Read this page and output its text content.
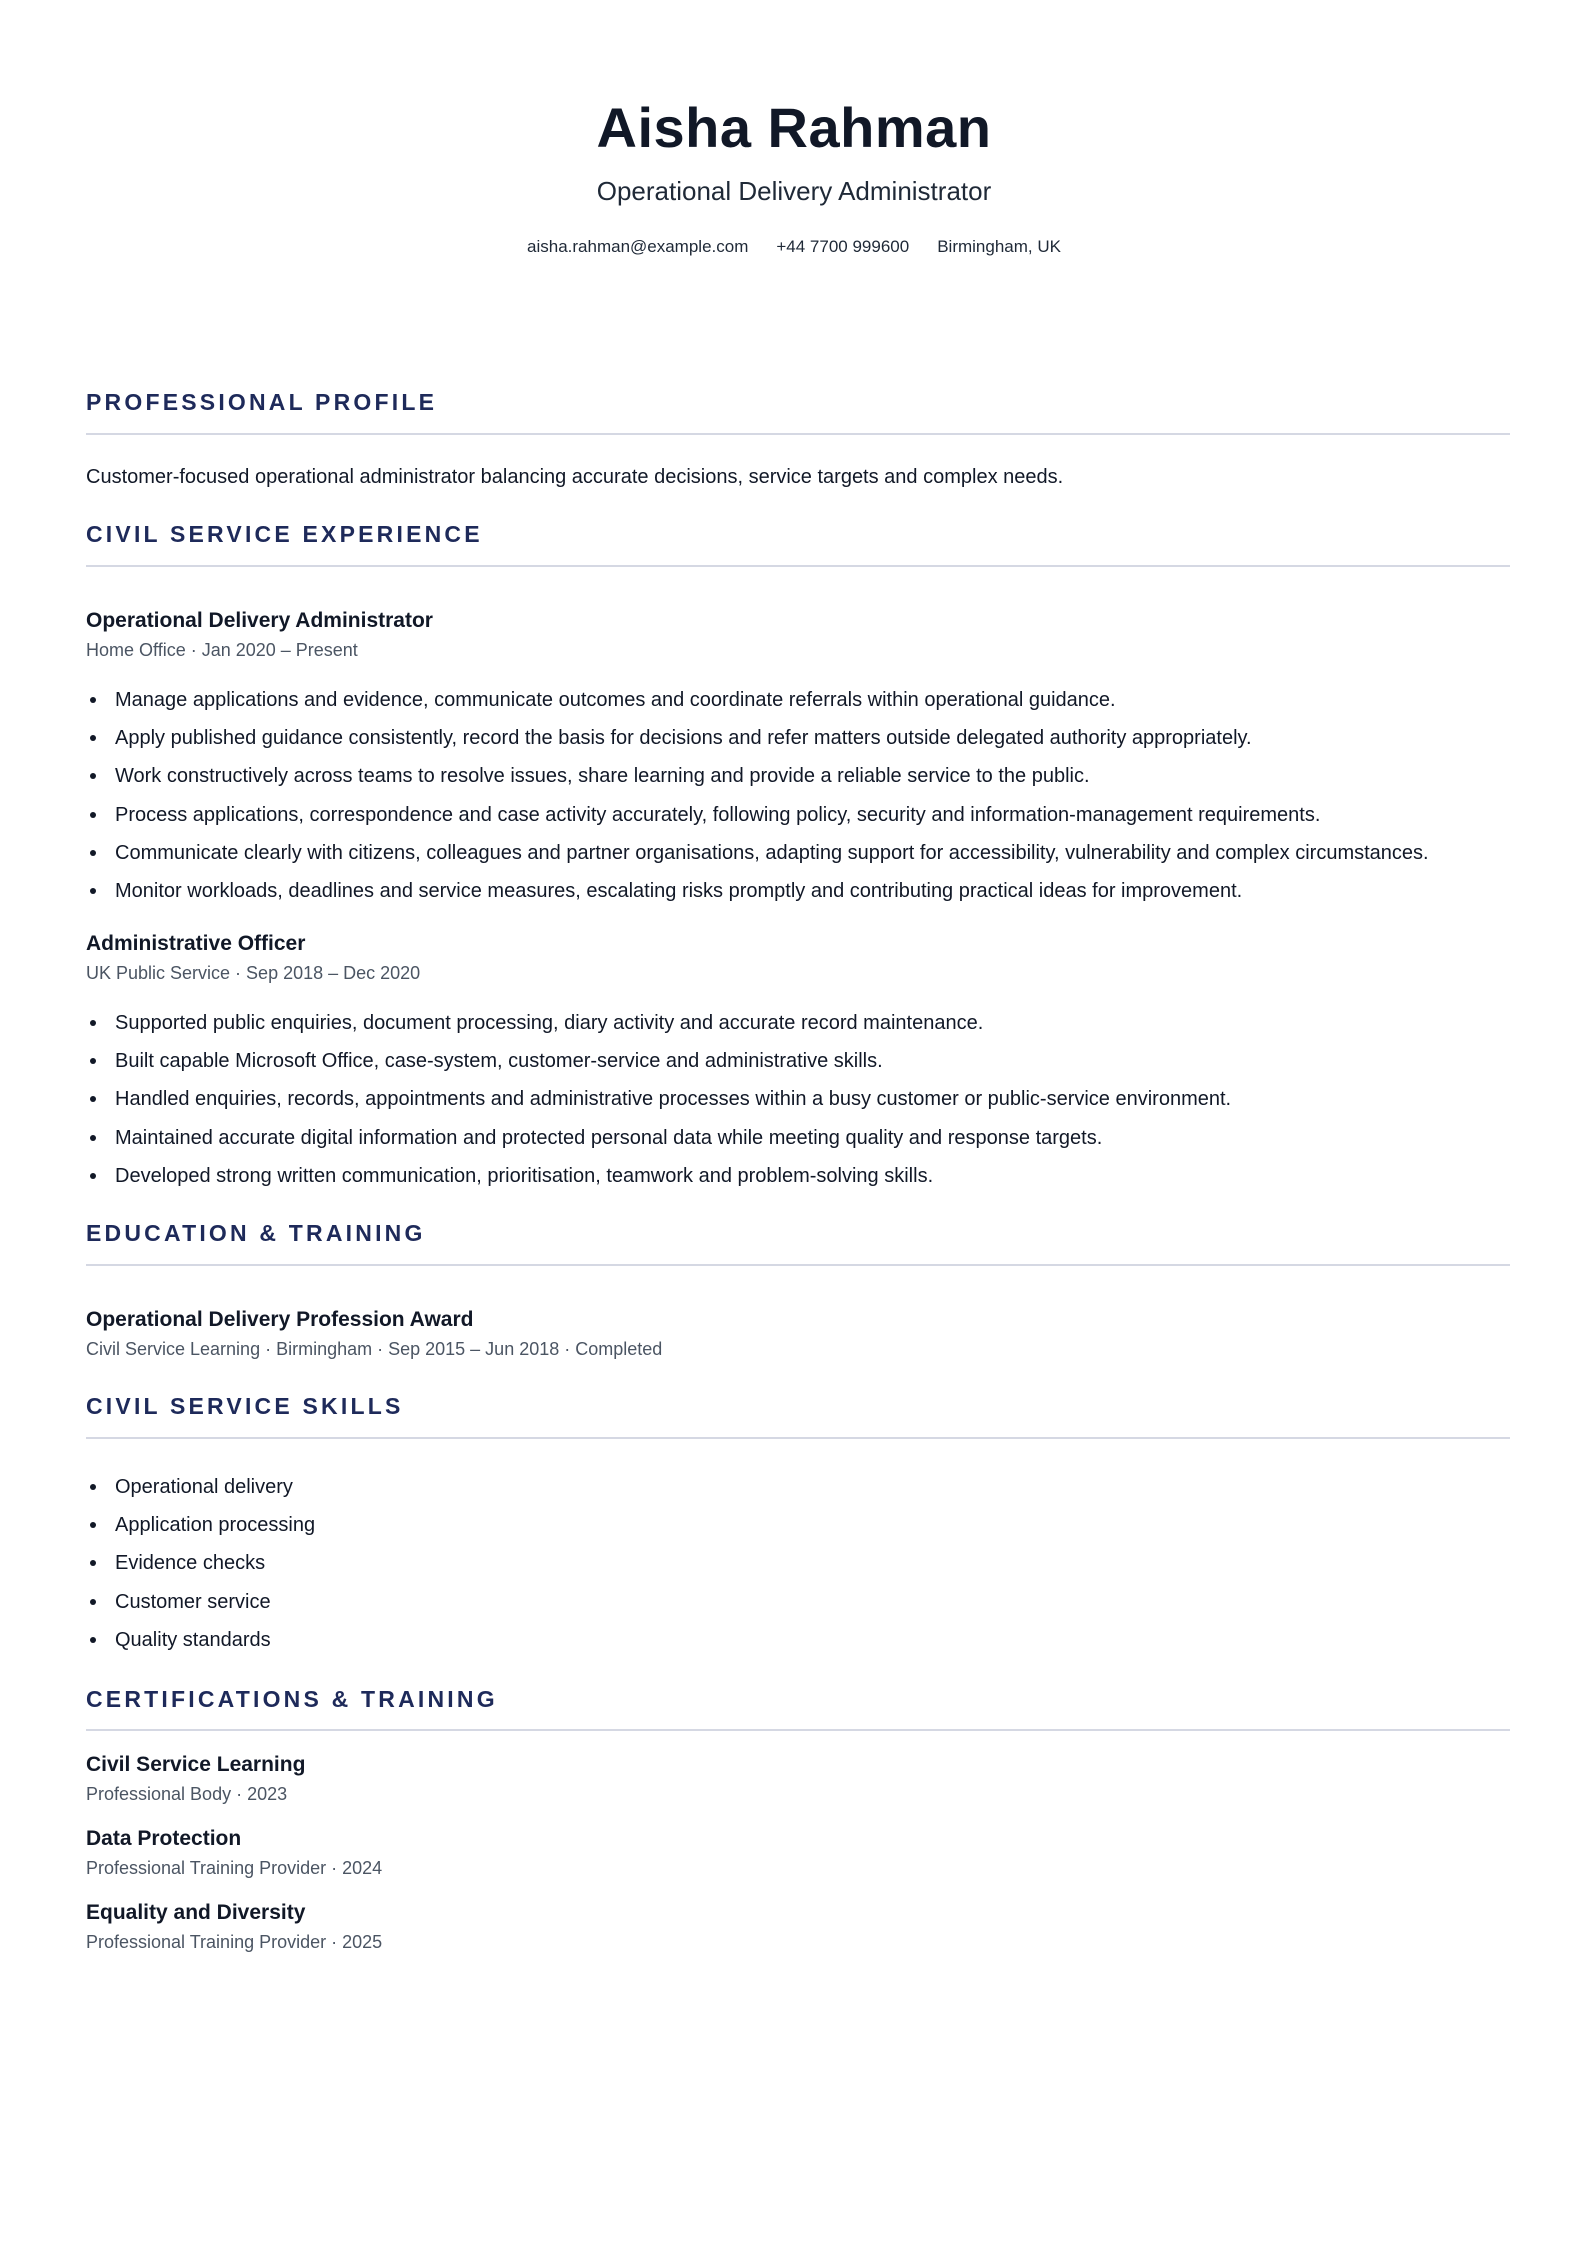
Aisha Rahman
Operational Delivery Administrator
aisha.rahman@example.com +44 7700 999600 Birmingham, UK
PROFESSIONAL PROFILE

Customer-focused operational administrator balancing accurate decisions, service targets and complex needs.

CIVIL SERVICE EXPERIENCE
Operational Delivery Administrator
Home Office · Jan 2020 – Present
Manage applications and evidence, communicate outcomes and coordinate referrals within operational guidance.
Apply published guidance consistently, record the basis for decisions and refer matters outside delegated authority appropriately.
Work constructively across teams to resolve issues, share learning and provide a reliable service to the public.
Process applications, correspondence and case activity accurately, following policy, security and information-management requirements.
Communicate clearly with citizens, colleagues and partner organisations, adapting support for accessibility, vulnerability and complex circumstances.
Monitor workloads, deadlines and service measures, escalating risks promptly and contributing practical ideas for improvement.
Administrative Officer
UK Public Service · Sep 2018 – Dec 2020
Supported public enquiries, document processing, diary activity and accurate record maintenance.
Built capable Microsoft Office, case-system, customer-service and administrative skills.
Handled enquiries, records, appointments and administrative processes within a busy customer or public-service environment.
Maintained accurate digital information and protected personal data while meeting quality and response targets.
Developed strong written communication, prioritisation, teamwork and problem-solving skills.
EDUCATION & TRAINING
Operational Delivery Profession Award
Civil Service Learning · Birmingham · Sep 2015 – Jun 2018 · Completed
CIVIL SERVICE SKILLS
Operational delivery
Application processing
Evidence checks
Customer service
Quality standards
CERTIFICATIONS & TRAINING
Civil Service Learning
Professional Body · 2023
Data Protection
Professional Training Provider · 2024
Equality and Diversity
Professional Training Provider · 2025
